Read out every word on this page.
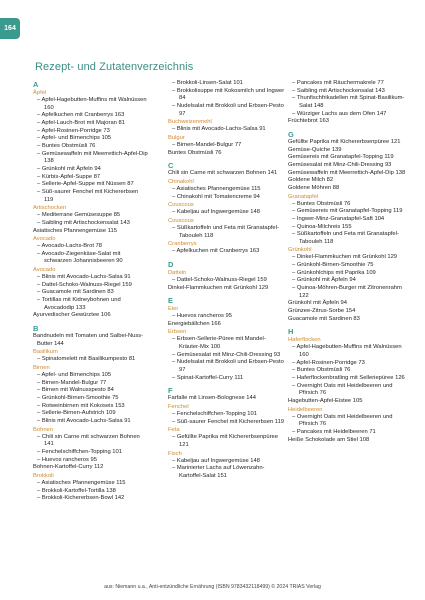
164
Rezept- und Zutatenverzeichnis
A
Äpfel
– Apfel-Hagebutten-Muffins mit Walnüssen 160
– Apfelkuchen mit Cranberrys 163
– Apfel-Lauch-Brot mit Majoran 81
– Apfel-Rosinen-Porridge 73
– Apfel- und Birnenchips 105
– Buntes Obstmüsli 76
– Gemüsewaffeln mit Meerrettich-Apfel-Dip 138
– Grünkohl mit Äpfeln 94
– Kürbis-Apfel-Suppe 87
– Sellerie-Apfel-Suppe mit Nüssen 87
– Süß-saurer Fenchel mit Kichererbsen 119
Artischocken
– Mediterrane Gemüsesuppe 85
– Saibling mit Artischockensalat 143
Asiatisches Pfannengemüse 115
Avocado
– Avocado-Lachs-Brot 78
– Avocado-Ziegenkäse-Salat mit schwarzen Johannisbeeren 90
Avocado
– Blinis mit Avocado-Lachs-Salsa 91
– Dattel-Schoko-Walnuss-Riegel 159
– Guacamole mit Sardinen 83
– Tortillas mit Kidneybohnen und Avocadodip 133
Ayurvedischer Gewürztee 106
B
Bandnudeln mit Tomaten und Salbei-Nuss-Butter 144
Basilikum
– Spinatomelett mit Basilikumpesto 81
Birnen
– Apfel- und Birnenchips 105
– Birnen-Mandel-Bulgur 77
– Birnen mit Walnusspesto 84
– Grünkohl-Birnen-Smoothie 75
– Rotweinbirnen mit Kokoseis 153
– Sellerie-Birnen-Aufstrich 109
– Blinis mit Avocado-Lachs-Salsa 91
Bohnen
– Chili sin Carne mit schwarzen Bohnen 141
– Fenchelschiffchen-Topping 101
– Huevos rancheros 95
Bohnen-Kartoffel-Curry 112
Brokkoli
– Asiatisches Pfannengemüse 115
– Brokkoli-Kartoffel-Tortilla 138
– Brokkoli-Kichererbsen-Bowl 142
– Brokkoli-Linsen-Salat 101
– Brokkolisuppe mit Kokosmilch und Ingwer 84
– Nudelsalat mit Brokkoli und Erbsen-Pesto 97
Buchweizenmehl
– Blinis mit Avocado-Lachs-Salsa 91
Bulgur
– Birnen-Mandel-Bulgur 77
Buntes Obstmüsli 76
C
Chili sin Carne mit schwarzen Bohnen 141
Chinakohl
– Asiatisches Pfannengemüse 115
– Chinakohl mit Tomatencreme 94
Couscous
– Kabeljau auf Ingwergemüse 148
Couscous
– Süßkartoffeln und Feta mit Granatapfel-Tabouleh 118
Cranberrys
– Apfelkuchen mit Cranberrys 163
D
Datteln
– Dattel-Schoko-Walnuss-Riegel 159
Dinkel-Flammkuchen mit Grünkohl 129
E
Eier
– Huevos rancheros 95
Energiebällchen 166
Erbsen
– Erbsen-Sellerie-Püree mit Mandel-Kräuter-Mix 100
– Gemüsesalat mit Minz-Chili-Dressing 93
– Nudelsalat mit Brokkoli und Erbsen-Pesto 97
– Spinat-Kartoffel-Curry 111
F
Farfalle mit Linsen-Bolognese 144
Fenchel
– Fenchelschiffchen-Topping 101
– Süß-saurer Fenchel mit Kichererbsen 119
Feta
– Gefüllte Paprika mit Kichererbsenpüree 121
Fisch
– Kabeljau auf Ingwergemüse 148
– Marinierter Lachs auf Löwenzahn-Kartoffel-Salat 151
– Pancakes mit Räuchermakrele 77
– Saibling mit Artischockensalat 143
– Thunfischfrikadellen mit Spinat-Basilikum-Salat 148
– Würziger Lachs aus dem Ofen 147
Früchtebrot 163
G
Gefüllte Paprika mit Kichererbsenpüree 121
Gemüse-Quiche 139
Gemüsereis mit Granatapfel-Topping 119
Gemüsesalat mit Minz-Chili-Dressing 93
Gemüsewaffeln mit Meerrettich-Apfel-Dip 138
Goldene Milch 82
Goldene Möhren 88
Granatapfel
– Buntes Obstmüsli 76
– Gemüsereis mit Granatapfel-Topping 119
– Ingwer-Minz-Granatapfel-Saft 104
– Quinoa-Milchreis 155
– Süßkartoffeln und Feta mit Granatapfel-Tabouleh 118
Grünkohl
– Dinkel-Flammkuchen mit Grünkohl 129
– Grünkohl-Birnen-Smoothie 75
– Grünkohlchips mit Paprika 109
– Grünkohl mit Äpfeln 94
– Quinoa-Möhren-Burger mit Zitronenrahm 122
Grünkohl mit Äpfeln 94
Grünzee-Zitrus-Sorbe 154
Guacamole mit Sardinen 83
H
Haferflocken
– Apfel-Hagebutten-Muffins mit Walnüssen 160
– Apfel-Rosinen-Porridge 73
– Buntes Obstmüsli 76
– Haferflockenbratling mit Selleriepüree 126
– Overnight Oats mit Heidelbeeren und Pfirsich 76
Hagebutten-Apfel-Eistee 105
Heidelbeeren
– Overnight Oats mit Heidelbeeren und Pfirsich 76
– Pancakes mit Heidelbeeren 71
Heiße Schokolade am Stiel 108
aus: Niemann u.a., Anti-entzündliche Ernährung (ISBN 9783432118499) © 2024 TRIAS Verlag
